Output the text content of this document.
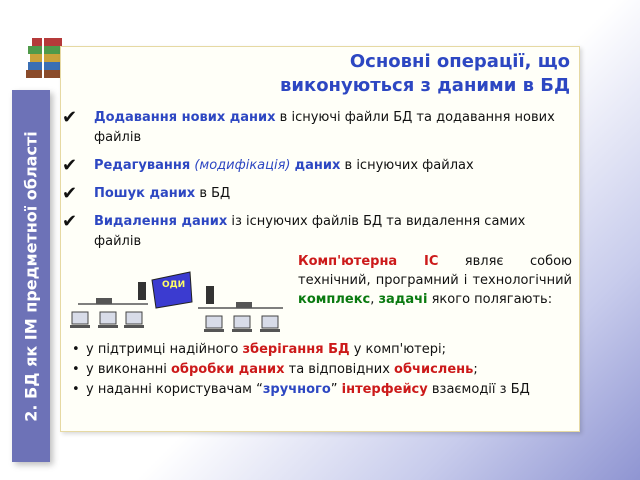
2. БД як ІМ предметної області
Основні операції, що
виконуються з даними в БД
✔ Додавання нових даних в існуючі файли БД та додавання нових файлів
✔ Редагування (модифікація) даних в існуючих файлах
✔ Пошук даних в БД
✔ Видалення даних із існуючих файлів БД та видалення самих файлів
ОДИ
Комп'ютерна ІС являє собою технічний, програмний і технологічний комплекс, задачі якого полягають:
• у підтримці надійного зберігання БД у комп'ютері;
• у виконанні обробки даних та відповідних обчислень;
• у наданні користувачам “зручного” інтерфейсу взаємодії з БД
